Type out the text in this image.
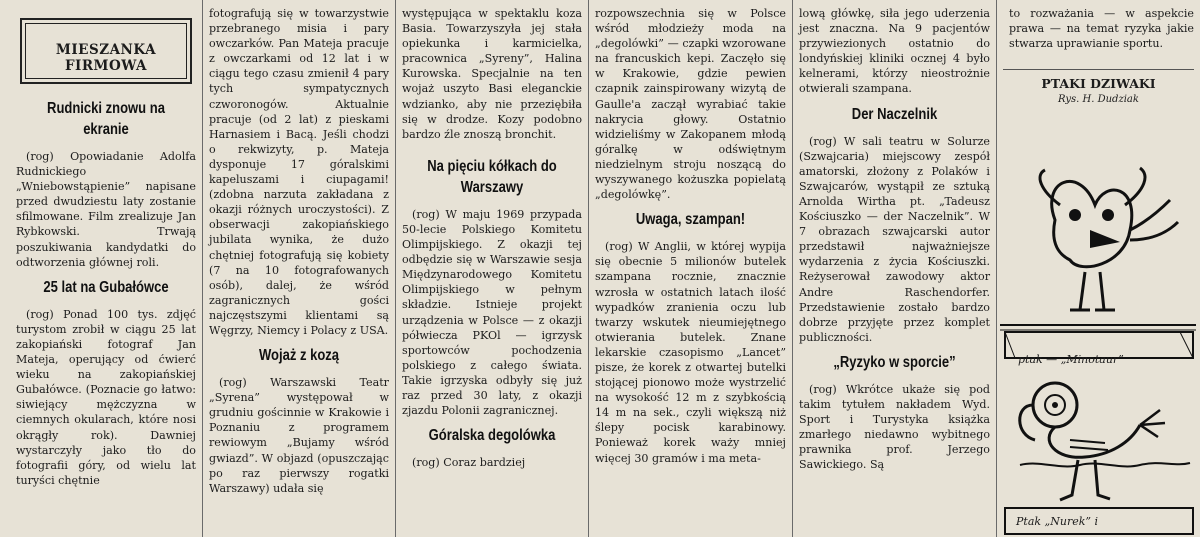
MIESZANKA
FIRMOWA
Rudnicki znowu na ekranie

(rog) Opowiadanie Adolfa Rudnickiego „Wniebowstąpienie” napisane przed dwudziestu laty zostanie sfilmowane. Film zrealizuje Jan Rybkowski. Trwają poszukiwania kandydatki do odtworzenia głównej roli.

25 lat na Gubałówce

(rog) Ponad 100 tys. zdjęć turystom zrobił w ciągu 25 lat zakopiański fotograf Jan Mateja, operujący od ćwierć wieku na zakopiańskiej Gubałówce. (Poznacie go łatwo: siwiejący mężczyzna w ciemnych okularach, które nosi okrągły rok). Dawniej wystarczyły jako tło do fotografii góry, od wielu lat turyści chętnie

fotografują się w towarzystwie przebranego misia i pary owczarków. Pan Mateja pracuje z owczarkami od 12 lat i w ciągu tego czasu zmienił 4 pary tych sympatycznych czworonogów. Aktualnie pracuje (od 2 lat) z pieskami Harnasiem i Bacą. Jeśli chodzi o rekwizyty, p. Mateja dysponuje 17 góralskimi kapeluszami i ciupagami! (zdobna narzuta zakładana z okazji różnych uroczystości). Z obserwacji zakopiańskiego jubilata wynika, że dużo chętniej fotografują się kobiety (7 na 10 fotografowanych osób), dalej, że wśród zagranicznych gości najczęstszymi klientami są Węgrzy, Niemcy i Polacy z USA.

Wojaż z kozą

(rog) Warszawski Teatr „Syrena” występował w grudniu gościnnie w Krakowie i Poznaniu z programem rewiowym „Bujamy wśród gwiazd”. W objazd (opuszczając po raz pierwszy rogatki Warszawy) udała się

występująca w spektaklu koza Basia. Towarzyszyła jej stała opiekunka i karmicielka, pracownica „Syreny”, Halina Kurowska. Specjalnie na ten wojaż uszyto Basi eleganckie wdzianko, aby nie przeziębiła się w drodze. Kozy podobno bardzo źle znoszą bronchit.

Na pięciu kółkach do Warszawy

(rog) W maju 1969 przypada 50-lecie Polskiego Komitetu Olimpijskiego. Z okazji tej odbędzie się w Warszawie sesja Międzynarodowego Komitetu Olimpijskiego w pełnym składzie. Istnieje projekt urządzenia w Polsce — z okazji półwiecza PKOl — igrzysk sportowców pochodzenia polskiego z całego świata. Takie igrzyska odbyły się już raz przed 30 laty, z okazji zjazdu Polonii zagranicznej.

Góralska degolówka

(rog) Coraz bardziej

rozpowszechnia się w Polsce wśród młodzieży moda na „degolówki” — czapki wzorowane na francuskich kepi. Zaczęło się w Krakowie, gdzie pewien czapnik zainspirowany wizytą de Gaulle'a zaczął wyrabiać takie nakrycia głowy. Ostatnio widzieliśmy w Zakopanem młodą góralkę w odświętnym niedzielnym stroju noszącą do wyszywanego kożuszka popielatą „degolówkę”.

Uwaga, szampan!

(rog) W Anglii, w której wypija się obecnie 5 milionów butelek szampana rocznie, znacznie wzrosła w ostatnich latach ilość wypadków zranienia oczu lub twarzy wskutek nieumiejętnego otwierania butelek. Znane lekarskie czasopismo „Lancet” pisze, że korek z otwartej butelki stojącej pionowo może wystrzelić na wysokość 12 m z szybkością 14 m na sek., czyli większą niż ślepy pocisk karabinowy. Ponieważ korek waży mniej więcej 30 gramów i ma meta-

lową główkę, siła jego uderzenia jest znaczna. Na 9 pacjentów przywiezionych ostatnio do londyńskiej kliniki ocznej 4 było kelnerami, którzy nieostrożnie otwierali szampana.

Der Naczelnik

(rog) W sali teatru w Solurze (Szwajcaria) miejscowy zespół amatorski, złożony z Polaków i Szwajcarów, wystąpił ze sztuką Arnolda Wirtha pt. „Tadeusz Kościuszko — der Naczelnik”. W 7 obrazach szwajcarski autor przedstawił najważniejsze wydarzenia z życia Kościuszki. Reżyserował zawodowy aktor Andre Raschendorfer. Przedstawienie zostało bardzo dobrze przyjęte przez komplet publiczności.

„Ryzyko w sporcie”

(rog) Wkrótce ukaże się pod takim tytułem nakładem Wyd. Sport i Turystyka książka zmarłego niedawno wybitnego prawnika prof. Jerzego Sawickiego. Są

to rozważania — w aspekcie prawa — na temat ryzyka jakie stwarza uprawianie sportu.

PTAKI DZIWAKI
Rys. H. Dudziak
ptak — „Minotaur”
Ptak „Nurek” i
